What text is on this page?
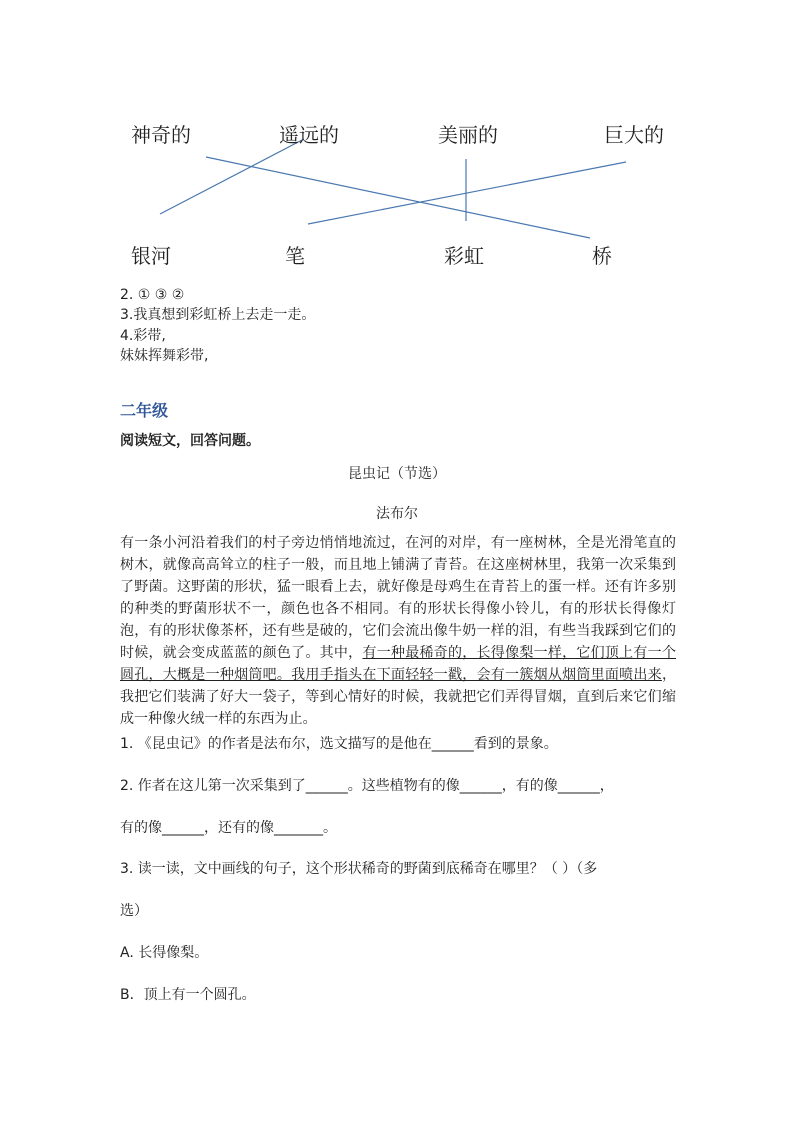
神奇的	遥远的	美丽的	巨大的
银河	笔	彩虹	桥
2. ① ③ ②
3.我真想到彩虹桥上去走一走。
4.彩带,
妹妹挥舞彩带,
二年级
阅读短文，回答问题。
昆虫记（节选）
法布尔
有一条小河沿着我们的村子旁边悄悄地流过，在河的对岸，有一座树林，全是光滑笔直的树木，就像高高耸立的柱子一般，而且地上铺满了青苔。在这座树林里，我第一次采集到了野菌。这野菌的形状，猛一眼看上去，就好像是母鸡生在青苔上的蛋一样。还有许多别的种类的野菌形状不一，颜色也各不相同。有的形状长得像小铃儿，有的形状长得像灯泡，有的形状像茶杯，还有些是破的，它们会流出像牛奶一样的泪，有些当我踩到它们的时候，就会变成蓝蓝的颜色了。其中，有一种最稀奇的，长得像梨一样，它们顶上有一个圆孔，大概是一种烟筒吧。我用手指头在下面轻轻一戳，会有一簇烟从烟筒里面喷出来，我把它们装满了好大一袋子，等到心情好的时候，我就把它们弄得冒烟，直到后来它们缩成一种像火绒一样的东西为止。
1. 《昆虫记》的作者是法布尔，选文描写的是他在______看到的景象。
2. 作者在这儿第一次采集到了______。这些植物有的像______，有的像______，
有的像______，还有的像_______。
3. 读一读，文中画线的句子，这个形状稀奇的野菌到底稀奇在哪里？（ ）（多
选）
A. 长得像梨。
B．顶上有一个圆孔。
